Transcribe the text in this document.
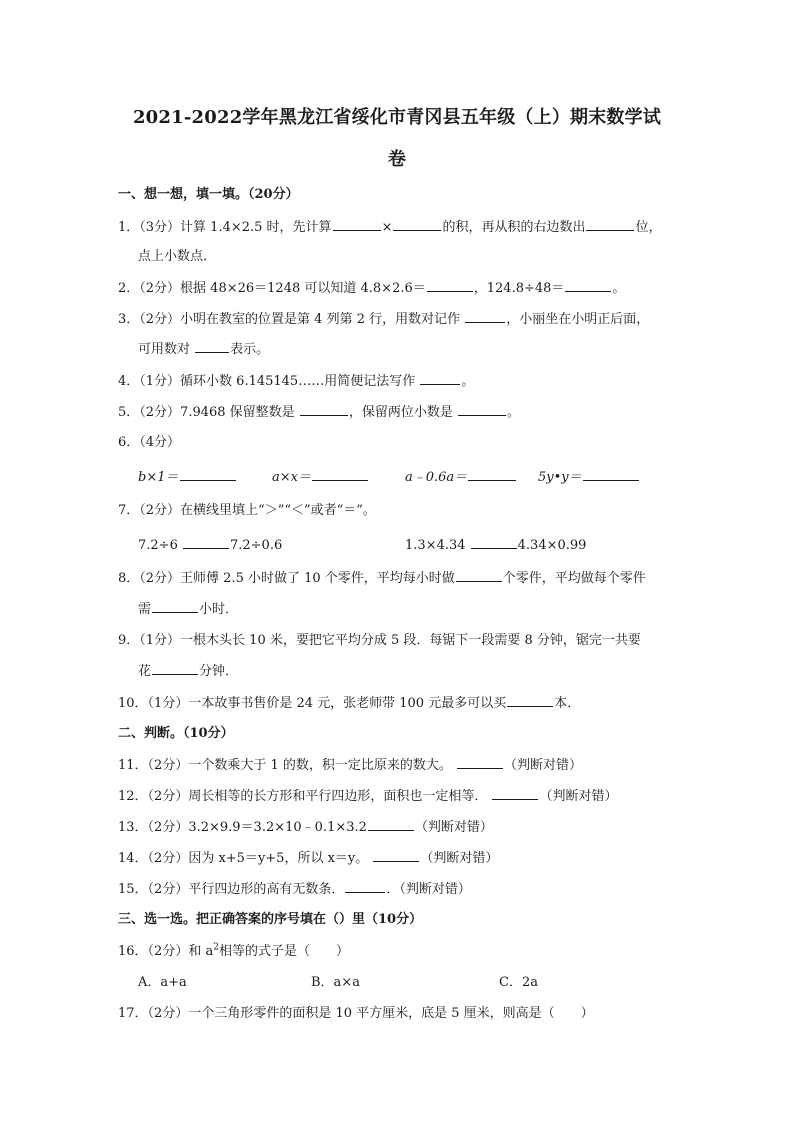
2021-2022学年黑龙江省绥化市青冈县五年级（上）期末数学试
卷
一、想一想，填一填。（20分）
1．（3分）计算 1.4×2.5 时，先计算	×	的积，再从积的右边数出	位，
点上小数点．
2．（2分）根据 48×26＝1248 可以知道 4.8×2.6＝	，124.8÷48＝	。
3．（2分）小明在教室的位置是第 4 列第 2 行，用数对记作	，小丽坐在小明正后面，
可用数对	表示。
4．（1分）循环小数 6.145145……用简便记法写作	。
5．（2分）7.9468 保留整数是	，保留两位小数是	。
6．（4分）
b×1＝	a×x＝	a﹣0.6a＝	5y•y＝
7．（2分）在横线里填上“＞”“＜”或者“＝”。
7.2÷6	7.2÷0.6	1.3×4.34	4.34×0.99
8．（2分）王师傅 2.5 小时做了 10 个零件，平均每小时做	个零件，平均做每个零件
需	小时．
9．（1分）一根木头长 10 米，要把它平均分成 5 段．每锯下一段需要 8 分钟，锯完一共要
花	分钟．
10．（1分）一本故事书售价是 24 元，张老师带 100 元最多可以买	本．
二、判断。（10分）
11．（2分）一个数乘大于 1 的数，积一定比原来的数大。	（判断对错）
12．（2分）周长相等的长方形和平行四边形，面积也一定相等．	（判断对错）
13．（2分）3.2×9.9＝3.2×10﹣0.1×3.2	（判断对错）
14．（2分）因为 x+5＝y+5，所以 x＝y。	（判断对错）
15．（2分）平行四边形的高有无数条．	．（判断对错）
三、选一选。把正确答案的序号填在（）里（10分）
16．（2分）和 $a^2$相等的式子是（　　）
A．a+a	B．a×a	C．2a
17．（2分）一个三角形零件的面积是 10 平方厘米，底是 5 厘米，则高是（　　）
